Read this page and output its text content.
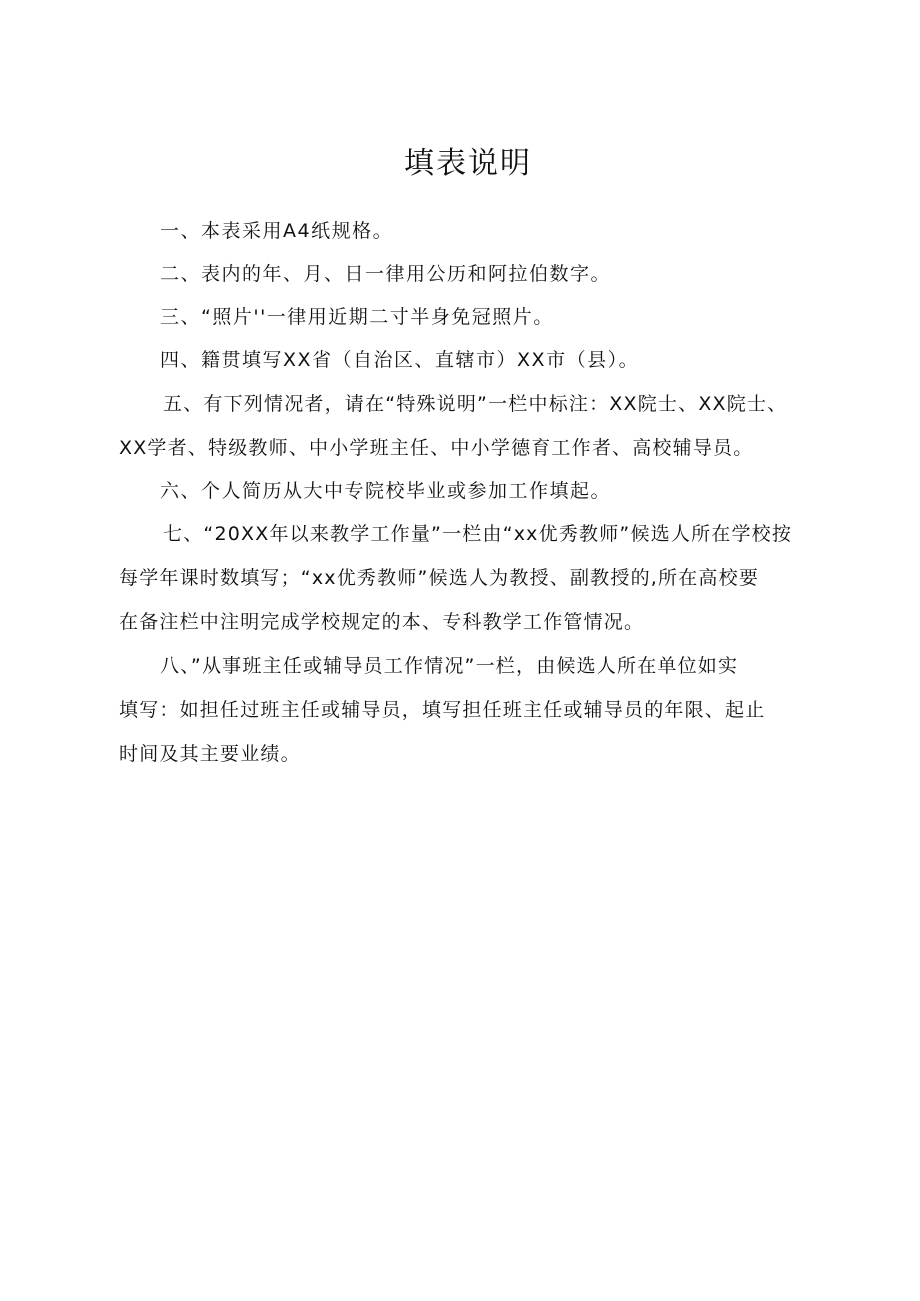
填表说明
一、本表采用A4纸规格。
二、表内的年、月、日一律用公历和阿拉伯数字。
三、“照片''一律用近期二寸半身免冠照片。
四、籍贯填写XX省（自治区、直辖市）XX市（县）。
五、有下列情况者，请在“特殊说明”一栏中标注：XX院士、XX院士、
XX学者、特级教师、中小学班主任、中小学德育工作者、高校辅导员。
六、个人简历从大中专院校毕业或参加工作填起。
七、“20XX年以来教学工作量”一栏由“xx优秀教师”候选人所在学校按
每学年课时数填写；“xx优秀教师”候选人为教授、副教授的,所在高校要
在备注栏中注明完成学校规定的本、专科教学工作管情况。
八、”从事班主任或辅导员工作情况”一栏，由候选人所在单位如实
填写：如担任过班主任或辅导员，填写担任班主任或辅导员的年限、起止
时间及其主要业绩。
